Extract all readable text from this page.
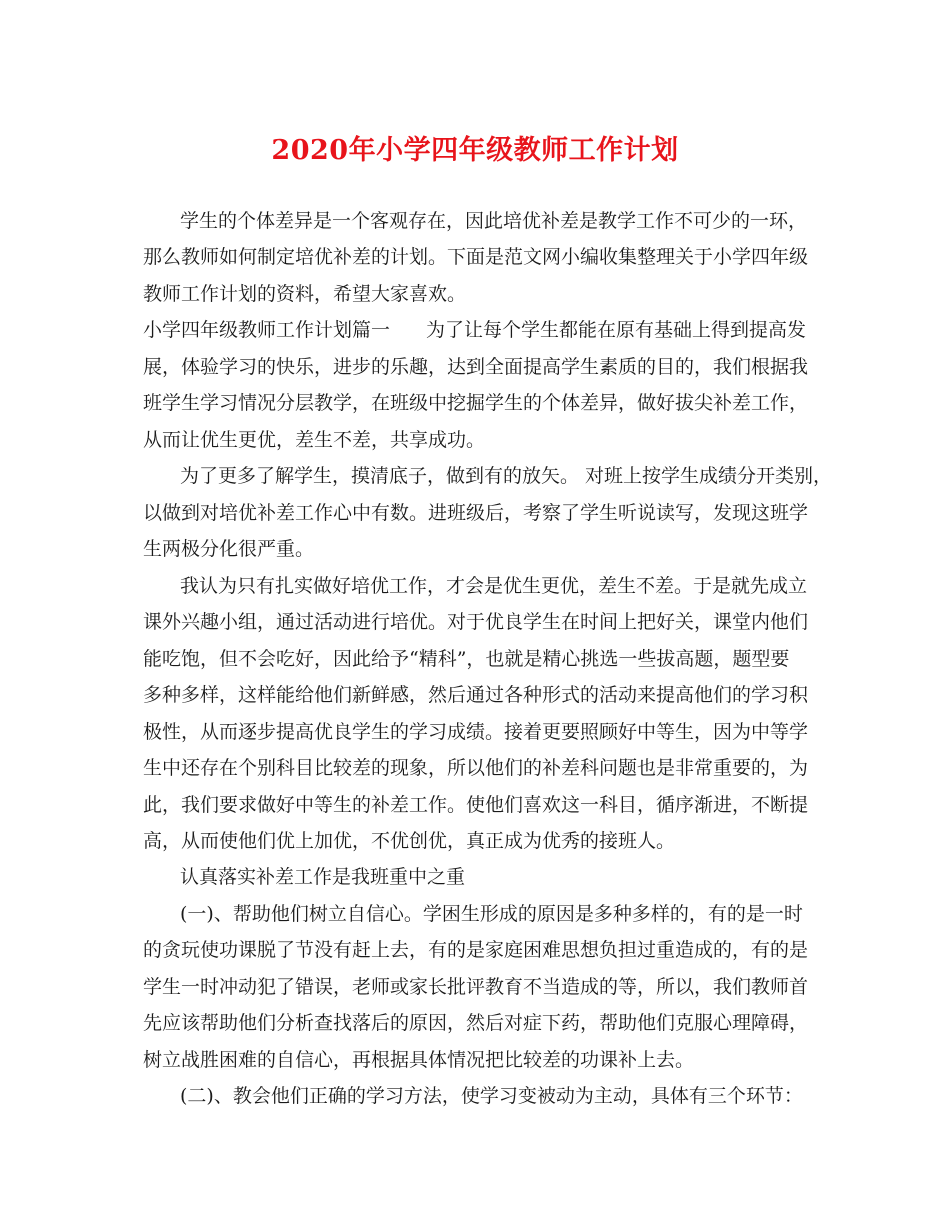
2020年小学四年级教师工作计划
学生的个体差异是一个客观存在，因此培优补差是教学工作不可少的一环，
那么教师如何制定培优补差的计划。下面是范文网小编收集整理关于小学四年级
教师工作计划的资料，希望大家喜欢。
小学四年级教师工作计划篇一 为了让每个学生都能在原有基础上得到提高发
展，体验学习的快乐，进步的乐趣，达到全面提高学生素质的目的，我们根据我
班学生学习情况分层教学，在班级中挖掘学生的个体差异，做好拔尖补差工作，
从而让优生更优，差生不差，共享成功。
为了更多了解学生，摸清底子，做到有的放矢。 对班上按学生成绩分开类别，
以做到对培优补差工作心中有数。进班级后，考察了学生听说读写，发现这班学
生两极分化很严重。
我认为只有扎实做好培优工作，才会是优生更优，差生不差。于是就先成立
课外兴趣小组，通过活动进行培优。对于优良学生在时间上把好关，课堂内他们
能吃饱，但不会吃好，因此给予“精科”，也就是精心挑选一些拔高题，题型要
多种多样，这样能给他们新鲜感，然后通过各种形式的活动来提高他们的学习积
极性，从而逐步提高优良学生的学习成绩。接着更要照顾好中等生，因为中等学
生中还存在个别科目比较差的现象，所以他们的补差科问题也是非常重要的，为
此，我们要求做好中等生的补差工作。使他们喜欢这一科目，循序渐进，不断提
高，从而使他们优上加优，不优创优，真正成为优秀的接班人。
认真落实补差工作是我班重中之重
(一)、帮助他们树立自信心。学困生形成的原因是多种多样的，有的是一时
的贪玩使功课脱了节没有赶上去，有的是家庭困难思想负担过重造成的，有的是
学生一时冲动犯了错误，老师或家长批评教育不当造成的等，所以，我们教师首
先应该帮助他们分析查找落后的原因，然后对症下药，帮助他们克服心理障碍，
树立战胜困难的自信心，再根据具体情况把比较差的功课补上去。
(二)、教会他们正确的学习方法，使学习变被动为主动，具体有三个环节：
